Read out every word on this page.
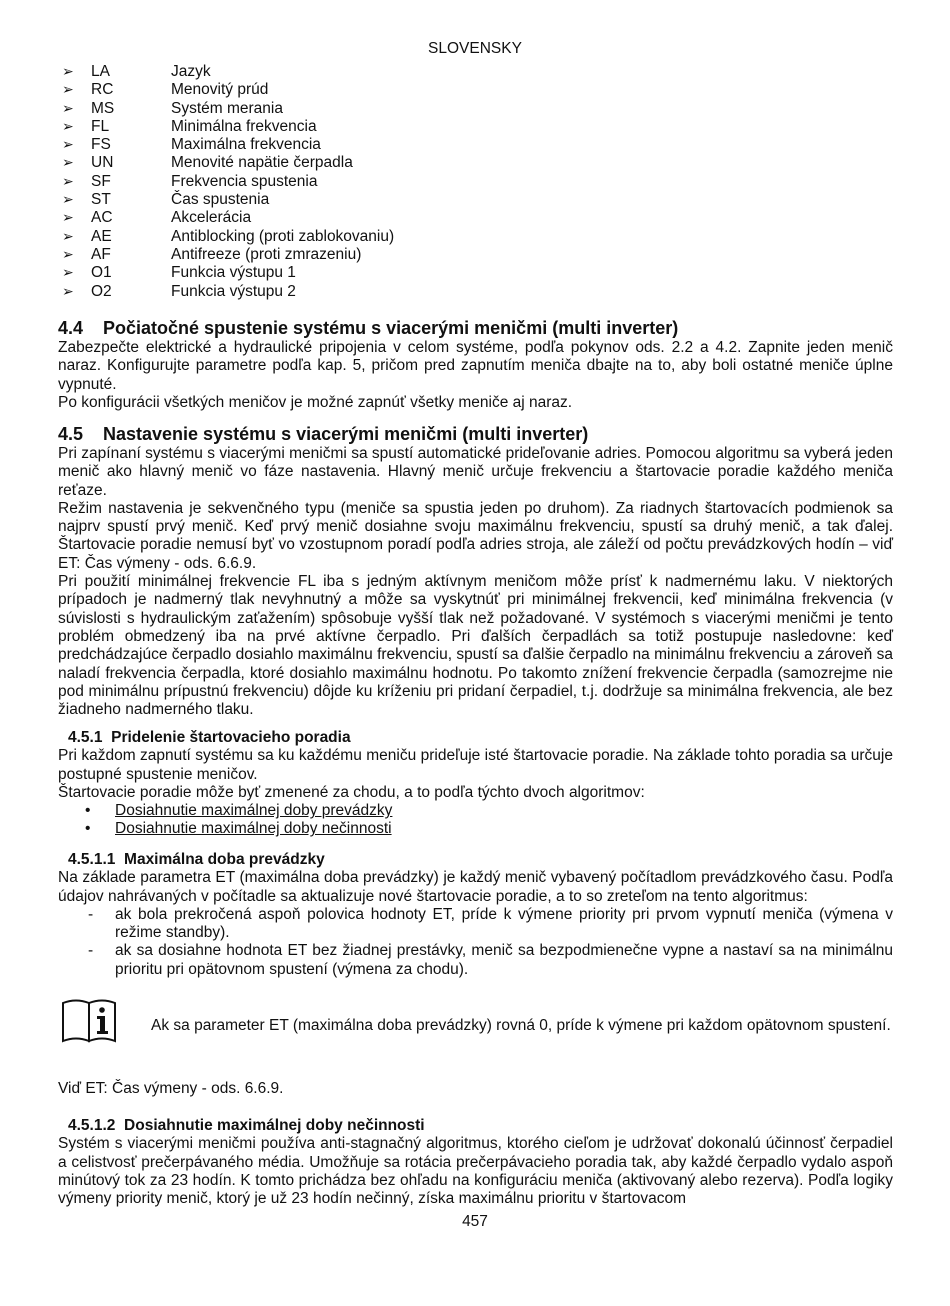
SLOVENSKY
➢ LA	Jazyk
➢ RC	Menovitý prúd
➢ MS	Systém merania
➢ FL	Minimálna frekvencia
➢ FS	Maximálna frekvencia
➢ UN	Menovité napätie čerpadla
➢ SF	Frekvencia spustenia
➢ ST	Čas spustenia
➢ AC	Akcelerácia
➢ AE	Antiblocking (proti zablokovaniu)
➢ AF	Antifreeze (proti zmrazeniu)
➢ O1	Funkcia výstupu 1
➢ O2	Funkcia výstupu 2
4.4 Počiatočné spustenie systému s viacerými meničmi (multi inverter)

Zabezpečte elektrické a hydraulické pripojenia v celom systéme, podľa pokynov ods. 2.2 a 4.2. Zapnite jeden menič naraz. Konfigurujte parametre podľa kap. 5, pričom pred zapnutím meniča dbajte na to, aby boli ostatné meniče úplne vypnuté.

Po konfigurácii všetkých meničov je možné zapnúť všetky meniče aj naraz.

4.5 Nastavenie systému s viacerými meničmi (multi inverter)

Pri zapínaní systému s viacerými meničmi sa spustí automatické prideľovanie adries. Pomocou algoritmu sa vyberá jeden menič ako hlavný menič vo fáze nastavenia. Hlavný menič určuje frekvenciu a štartovacie poradie každého meniča reťaze.

Režim nastavenia je sekvenčného typu (meniče sa spustia jeden po druhom). Za riadnych štartovacích podmienok sa najprv spustí prvý menič. Keď prvý menič dosiahne svoju maximálnu frekvenciu, spustí sa druhý menič, a tak ďalej. Štartovacie poradie nemusí byť vo vzostupnom poradí podľa adries stroja, ale záleží od počtu prevádzkových hodín – viď ET: Čas výmeny - ods. 6.6.9.

Pri použití minimálnej frekvencie FL iba s jedným aktívnym meničom môže prísť k nadmernému laku. V niektorých prípadoch je nadmerný tlak nevyhnutný a môže sa vyskytnúť pri minimálnej frekvencii, keď minimálna frekvencia (v súvislosti s hydraulickým zaťažením) spôsobuje vyšší tlak než požadované. V systémoch s viacerými meničmi je tento problém obmedzený iba na prvé aktívne čerpadlo. Pri ďalších čerpadlách sa totiž postupuje nasledovne: keď predchádzajúce čerpadlo dosiahlo maximálnu frekvenciu, spustí sa ďalšie čerpadlo na minimálnu frekvenciu a zároveň sa naladí frekvencia čerpadla, ktoré dosiahlo maximálnu hodnotu. Po takomto znížení frekvencie čerpadla (samozrejme nie pod minimálnu prípustnú frekvenciu) dôjde ku kríženiu pri pridaní čerpadiel, t.j. dodržuje sa minimálna frekvencia, ale bez žiadneho nadmerného tlaku.

4.5.1 Pridelenie štartovacieho poradia

Pri každom zapnutí systému sa ku každému meniču prideľuje isté štartovacie poradie. Na základe tohto poradia sa určuje postupné spustenie meničov.

Štartovacie poradie môže byť zmenené za chodu, a to podľa týchto dvoch algoritmov:

• Dosiahnutie maximálnej doby prevádzky
• Dosiahnutie maximálnej doby nečinnosti
4.5.1.1 Maximálna doba prevádzky

Na základe parametra ET (maximálna doba prevádzky) je každý menič vybavený počítadlom prevádzkového času. Podľa údajov nahrávaných v počítadle sa aktualizuje nové štartovacie poradie, a to so zreteľom na tento algoritmus:

- ak bola prekročená aspoň polovica hodnoty ET, príde k výmene priority pri prvom vypnutí meniča (výmena v režime standby).
- ak sa dosiahne hodnota ET bez žiadnej prestávky, menič sa bezpodmienečne vypne a nastaví sa na minimálnu prioritu pri opätovnom spustení (výmena za chodu).
Ak sa parameter ET (maximálna doba prevádzky) rovná 0, príde k výmene pri každom opätovnom spustení.

Viď ET: Čas výmeny - ods. 6.6.9.

4.5.1.2 Dosiahnutie maximálnej doby nečinnosti

Systém s viacerými meničmi používa anti-stagnačný algoritmus, ktorého cieľom je udržovať dokonalú účinnosť čerpadiel a celistvosť prečerpávaného média. Umožňuje sa rotácia prečerpávacieho poradia tak, aby každé čerpadlo vydalo aspoň minútový tok za 23 hodín. K tomto prichádza bez ohľadu na konfiguráciu meniča (aktivovaný alebo rezerva). Podľa logiky výmeny priority menič, ktorý je už 23 hodín nečinný, získa maximálnu prioritu v štartovacom

457
